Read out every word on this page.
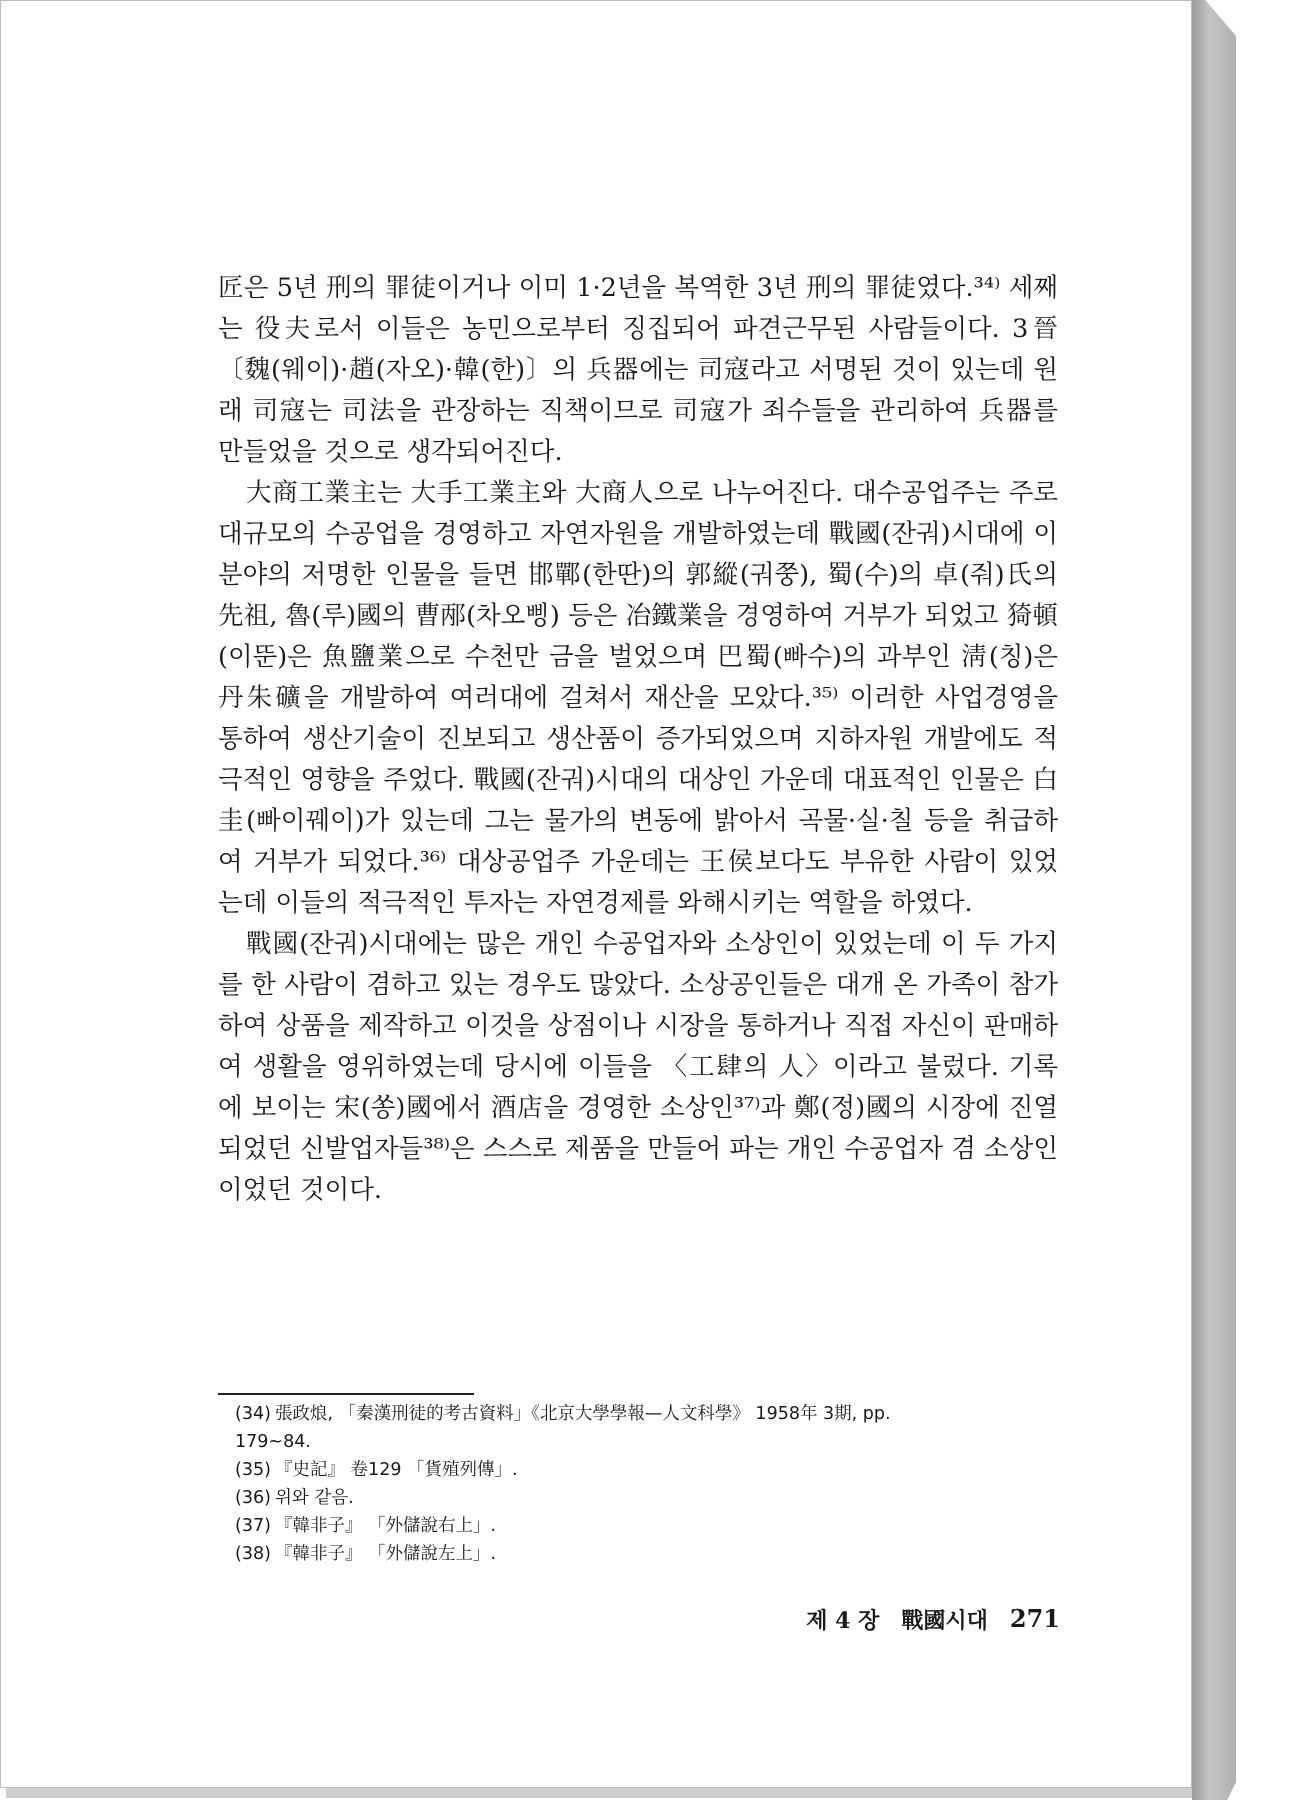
匠은 5년 刑의 罪徒이거나 이미 1·2년을 복역한 3년 刑의 罪徒였다.³⁴⁾ 세째는 役夫로서 이들은 농민으로부터 징집되어 파견근무된 사람들이다. 3晉〔魏(웨이)·趙(자오)·韓(한)〕의 兵器에는 司寇라고 서명된 것이 있는데 원래 司寇는 司法을 관장하는 직책이므로 司寇가 죄수들을 관리하여 兵器를 만들었을 것으로 생각되어진다.

大商工業主는 大手工業主와 大商人으로 나누어진다. 대수공업주는 주로 대규모의 수공업을 경영하고 자연자원을 개발하였는데 戰國(잔궈)시대에 이 분야의 저명한 인물을 들면 邯鄲(한딴)의 郭縱(궈쭝), 蜀(수)의 卓(줘)氏의 先祖, 魯(루)國의 曹邴(차오삥) 등은 冶鐵業을 경영하여 거부가 되었고 猗頓(이뚠)은 魚鹽業으로 수천만 금을 벌었으며 巴蜀(빠수)의 과부인 淸(칭)은 丹朱礦을 개발하여 여러대에 걸쳐서 재산을 모았다.³⁵⁾ 이러한 사업경영을 통하여 생산기술이 진보되고 생산품이 증가되었으며 지하자원 개발에도 적극적인 영향을 주었다. 戰國(잔궈)시대의 대상인 가운데 대표적인 인물은 白圭(빠이꿰이)가 있는데 그는 물가의 변동에 밝아서 곡물·실·칠 등을 취급하여 거부가 되었다.³⁶⁾ 대상공업주 가운데는 王侯보다도 부유한 사람이 있었는데 이들의 적극적인 투자는 자연경제를 와해시키는 역할을 하였다.

戰國(잔궈)시대에는 많은 개인 수공업자와 소상인이 있었는데 이 두 가지를 한 사람이 겸하고 있는 경우도 많았다. 소상공인들은 대개 온 가족이 참가하여 상품을 제작하고 이것을 상점이나 시장을 통하거나 직접 자신이 판매하여 생활을 영위하였는데 당시에 이들을 〈工肆의 人〉이라고 불렀다. 기록에 보이는 宋(쏭)國에서 酒店을 경영한 소상인³⁷⁾과 鄭(정)國의 시장에 진열되었던 신발업자들³⁸⁾은 스스로 제품을 만들어 파는 개인 수공업자 겸 소상인이었던 것이다.

(34) 張政烺, 「秦漢刑徒的考古資料」《北京大學學報—人文科學》 1958年 3期, pp.
179~84.
(35) 『史記』 卷129 「貨殖列傳」.
(36) 위와 같음.
(37) 『韓非子』 「外儲說右上」.
(38) 『韓非子』 「外儲說左上」.
제 4 장 戰國시대 271
